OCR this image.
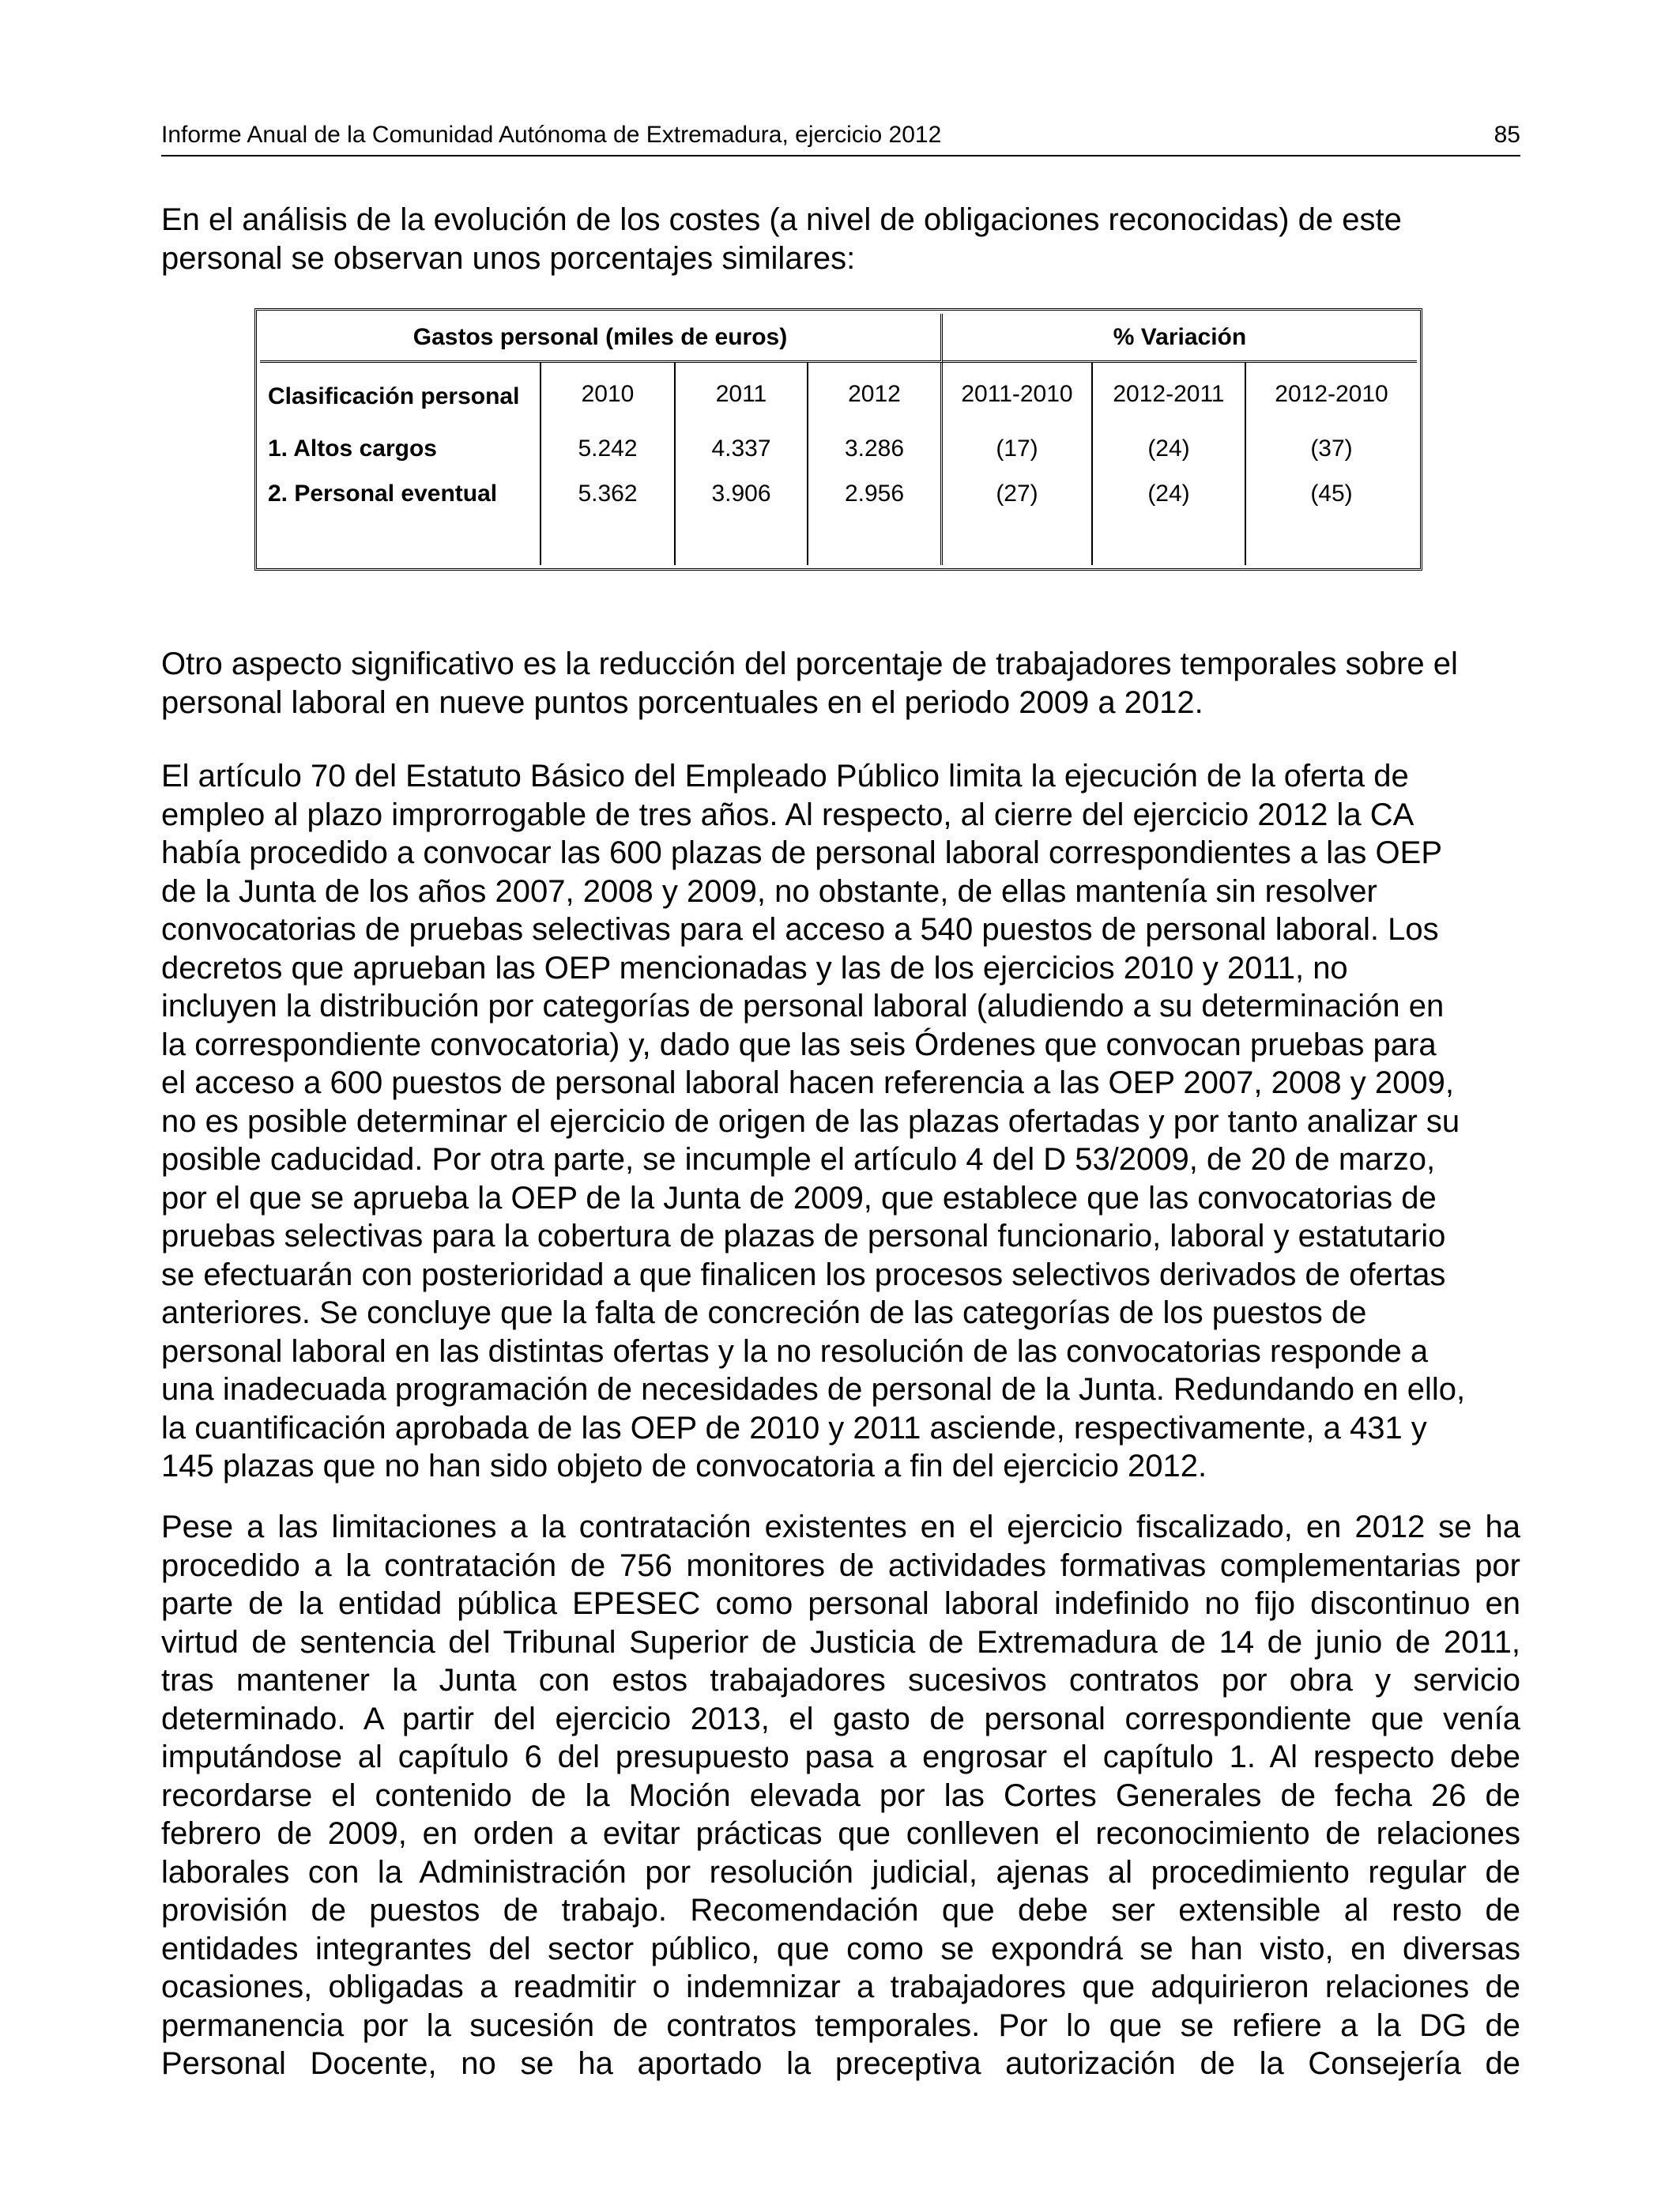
Informe Anual de la Comunidad Autónoma de Extremadura, ejercicio 2012	85
En el análisis de la evolución de los costes (a nivel de obligaciones reconocidas) de este
personal se observan unos porcentajes similares:
Gastos personal (miles de euros)				% Variación		
Clasificación personal	2010	2011	2012	2011-2010	2012-2011	2012-2010
1. Altos cargos	5.242	4.337	3.286	(17)	(24)	(37)
2. Personal eventual	5.362	3.906	2.956	(27)	(24)	(45)

Otro aspecto significativo es la reducción del porcentaje de trabajadores temporales sobre el
personal laboral en nueve puntos porcentuales en el periodo 2009 a 2012.
El artículo 70 del Estatuto Básico del Empleado Público limita la ejecución de la oferta de
empleo al plazo improrrogable de tres años. Al respecto, al cierre del ejercicio 2012 la CA
había procedido a convocar las 600 plazas de personal laboral correspondientes a las OEP
de la Junta de los años 2007, 2008 y 2009, no obstante, de ellas mantenía sin resolver
convocatorias de pruebas selectivas para el acceso a 540 puestos de personal laboral. Los
decretos que aprueban las OEP mencionadas y las de los ejercicios 2010 y 2011, no
incluyen la distribución por categorías de personal laboral (aludiendo a su determinación en
la correspondiente convocatoria) y, dado que las seis Órdenes que convocan pruebas para
el acceso a 600 puestos de personal laboral hacen referencia a las OEP 2007, 2008 y 2009,
no es posible determinar el ejercicio de origen de las plazas ofertadas y por tanto analizar su
posible caducidad. Por otra parte, se incumple el artículo 4 del D 53/2009, de 20 de marzo,
por el que se aprueba la OEP de la Junta de 2009, que establece que las convocatorias de
pruebas selectivas para la cobertura de plazas de personal funcionario, laboral y estatutario
se efectuarán con posterioridad a que finalicen los procesos selectivos derivados de ofertas
anteriores. Se concluye que la falta de concreción de las categorías de los puestos de
personal laboral en las distintas ofertas y la no resolución de las convocatorias responde a
una inadecuada programación de necesidades de personal de la Junta. Redundando en ello,
la cuantificación aprobada de las OEP de 2010 y 2011 asciende, respectivamente, a 431 y
145 plazas que no han sido objeto de convocatoria a fin del ejercicio 2012.
Pese a las limitaciones a la contratación existentes en el ejercicio fiscalizado, en 2012 se ha
procedido a la contratación de 756 monitores de actividades formativas complementarias por
parte de la entidad pública EPESEC como personal laboral indefinido no fijo discontinuo en
virtud de sentencia del Tribunal Superior de Justicia de Extremadura de 14 de junio de 2011,
tras mantener la Junta con estos trabajadores sucesivos contratos por obra y servicio
determinado. A partir del ejercicio 2013, el gasto de personal correspondiente que venía
imputándose al capítulo 6 del presupuesto pasa a engrosar el capítulo 1. Al respecto debe
recordarse el contenido de la Moción elevada por las Cortes Generales de fecha 26 de
febrero de 2009, en orden a evitar prácticas que conlleven el reconocimiento de relaciones
laborales con la Administración por resolución judicial, ajenas al procedimiento regular de
provisión de puestos de trabajo. Recomendación que debe ser extensible al resto de
entidades integrantes del sector público, que como se expondrá se han visto, en diversas
ocasiones, obligadas a readmitir o indemnizar a trabajadores que adquirieron relaciones de
permanencia por la sucesión de contratos temporales. Por lo que se refiere a la DG de
Personal Docente, no se ha aportado la preceptiva autorización de la Consejería de
